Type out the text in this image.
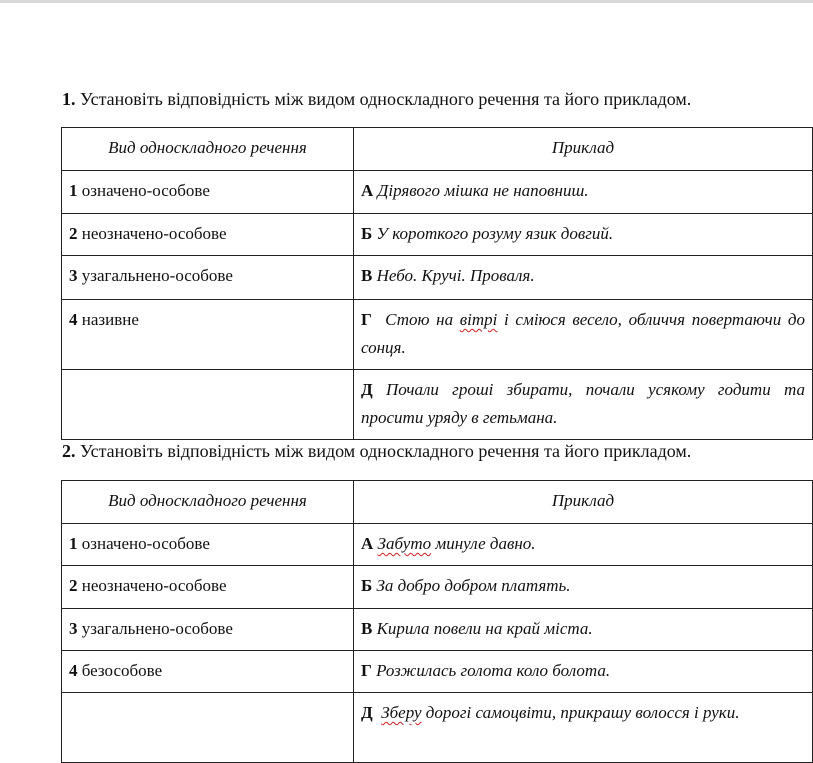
1. Установіть відповідність між видом односкладного речення та його прикладом.
Вид односкладного речення	Приклад
1 означено-особове	А Дірявого мішка не наповниш.
2 неозначено-особове	Б У короткого розуму язик довгий.
3 узагальнено-особове	В Небо. Кручі. Проваля.
4 називне	Г Стою на вітрі і сміюся весело, обличчя повертаючи до сонця.
	Д Почали гроші збирати, почали усякому годити та просити уряду в гетьмана.
2. Установіть відповідність між видом односкладного речення та його прикладом.
Вид односкладного речення	Приклад
1 означено-особове	А Забуто минуле давно.
2 неозначено-особове	Б За добро добром платять.
3 узагальнено-особове	В Кирила повели на край міста.
4 безособове	Г Розжилась голота коло болота.
	Д Зберу дорогі самоцвіти, прикрашу волосся і руки.
